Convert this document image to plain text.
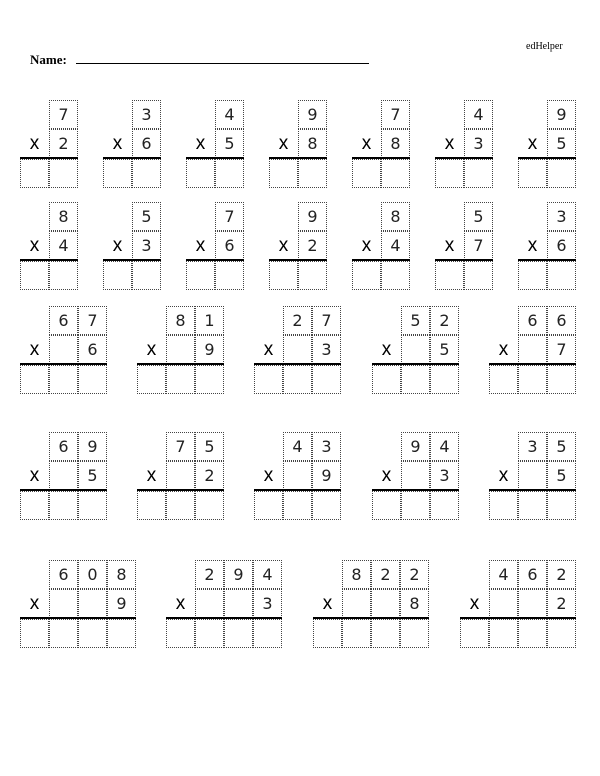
edHelper
Name:
7
x	2
3
x	6
4
x	5
9
x	8
7
x	8
4
x	3
9
x	5
8
x	4
5
x	3
7
x	6
9
x	2
8
x	4
5
x	7
3
x	6
6	7
x	6
8	1
x	9
2	7
x	3
5	2
x	5
6	6
x	7
6	9
x	5
7	5
x	2
4	3
x	9
9	4
x	3
3	5
x	5
6	0	8
x	9
2	9	4
x	3
8	2	2
x	8
4	6	2
x	2
